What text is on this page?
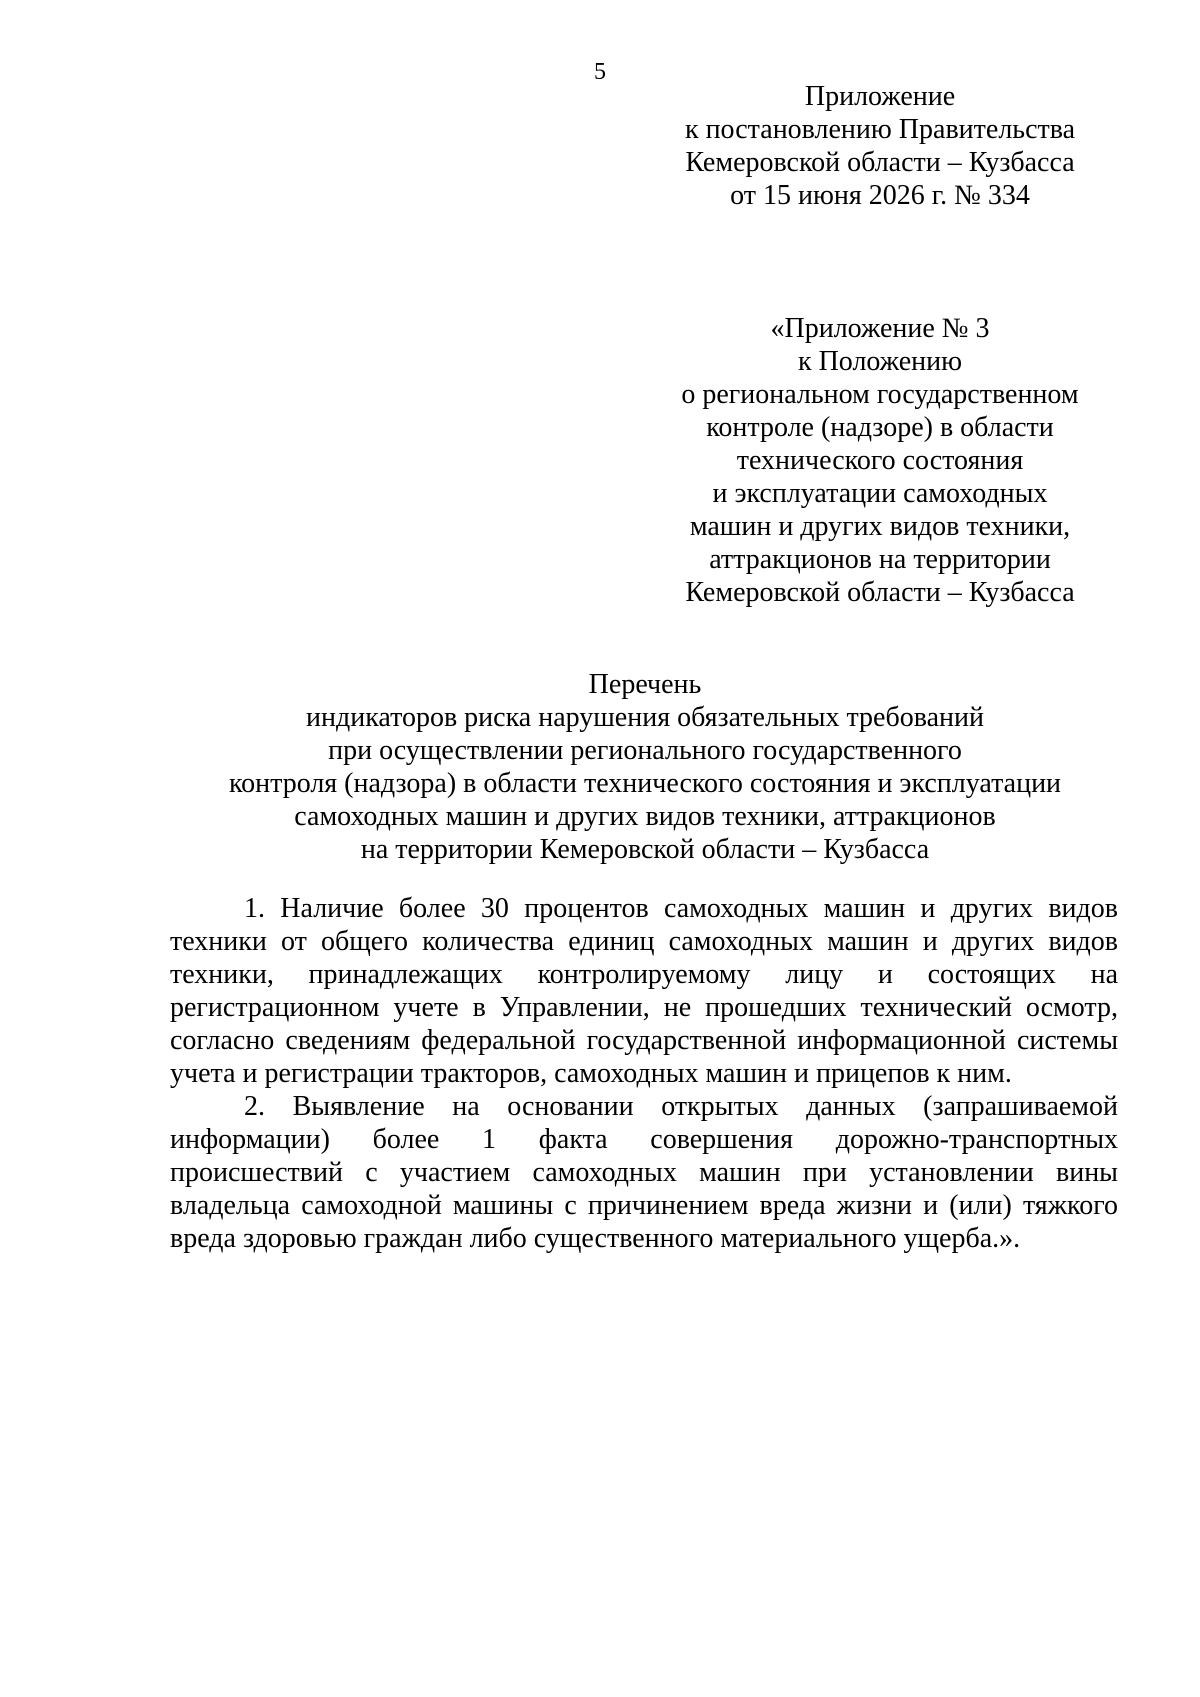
5
Приложение
к постановлению Правительства
Кемеровской области – Кузбасса
от 15 июня 2026 г. № 334
«Приложение № 3
к Положению
о региональном государственном
контроле (надзоре) в области
технического состояния
и эксплуатации самоходных
машин и других видов техники,
аттракционов на территории
Кемеровской области – Кузбасса
Перечень
индикаторов риска нарушения обязательных требований
при осуществлении регионального государственного
контроля (надзора) в области технического состояния и эксплуатации
самоходных машин и других видов техники, аттракционов
на территории Кемеровской области – Кузбасса

1. Наличие более 30 процентов самоходных машин и других видов техники от общего количества единиц самоходных машин и других видов техники, принадлежащих контролируемому лицу и состоящих на регистрационном учете в Управлении, не прошедших технический осмотр, согласно сведениям федеральной государственной информационной системы учета и регистрации тракторов, самоходных машин и прицепов к ним.

2. Выявление на основании открытых данных (запрашиваемой информации) более 1 факта совершения дорожно-транспортных происшествий с участием самоходных машин при установлении вины владельца самоходной машины с причинением вреда жизни и (или) тяжкого вреда здоровью граждан либо существенного материального ущерба.».
